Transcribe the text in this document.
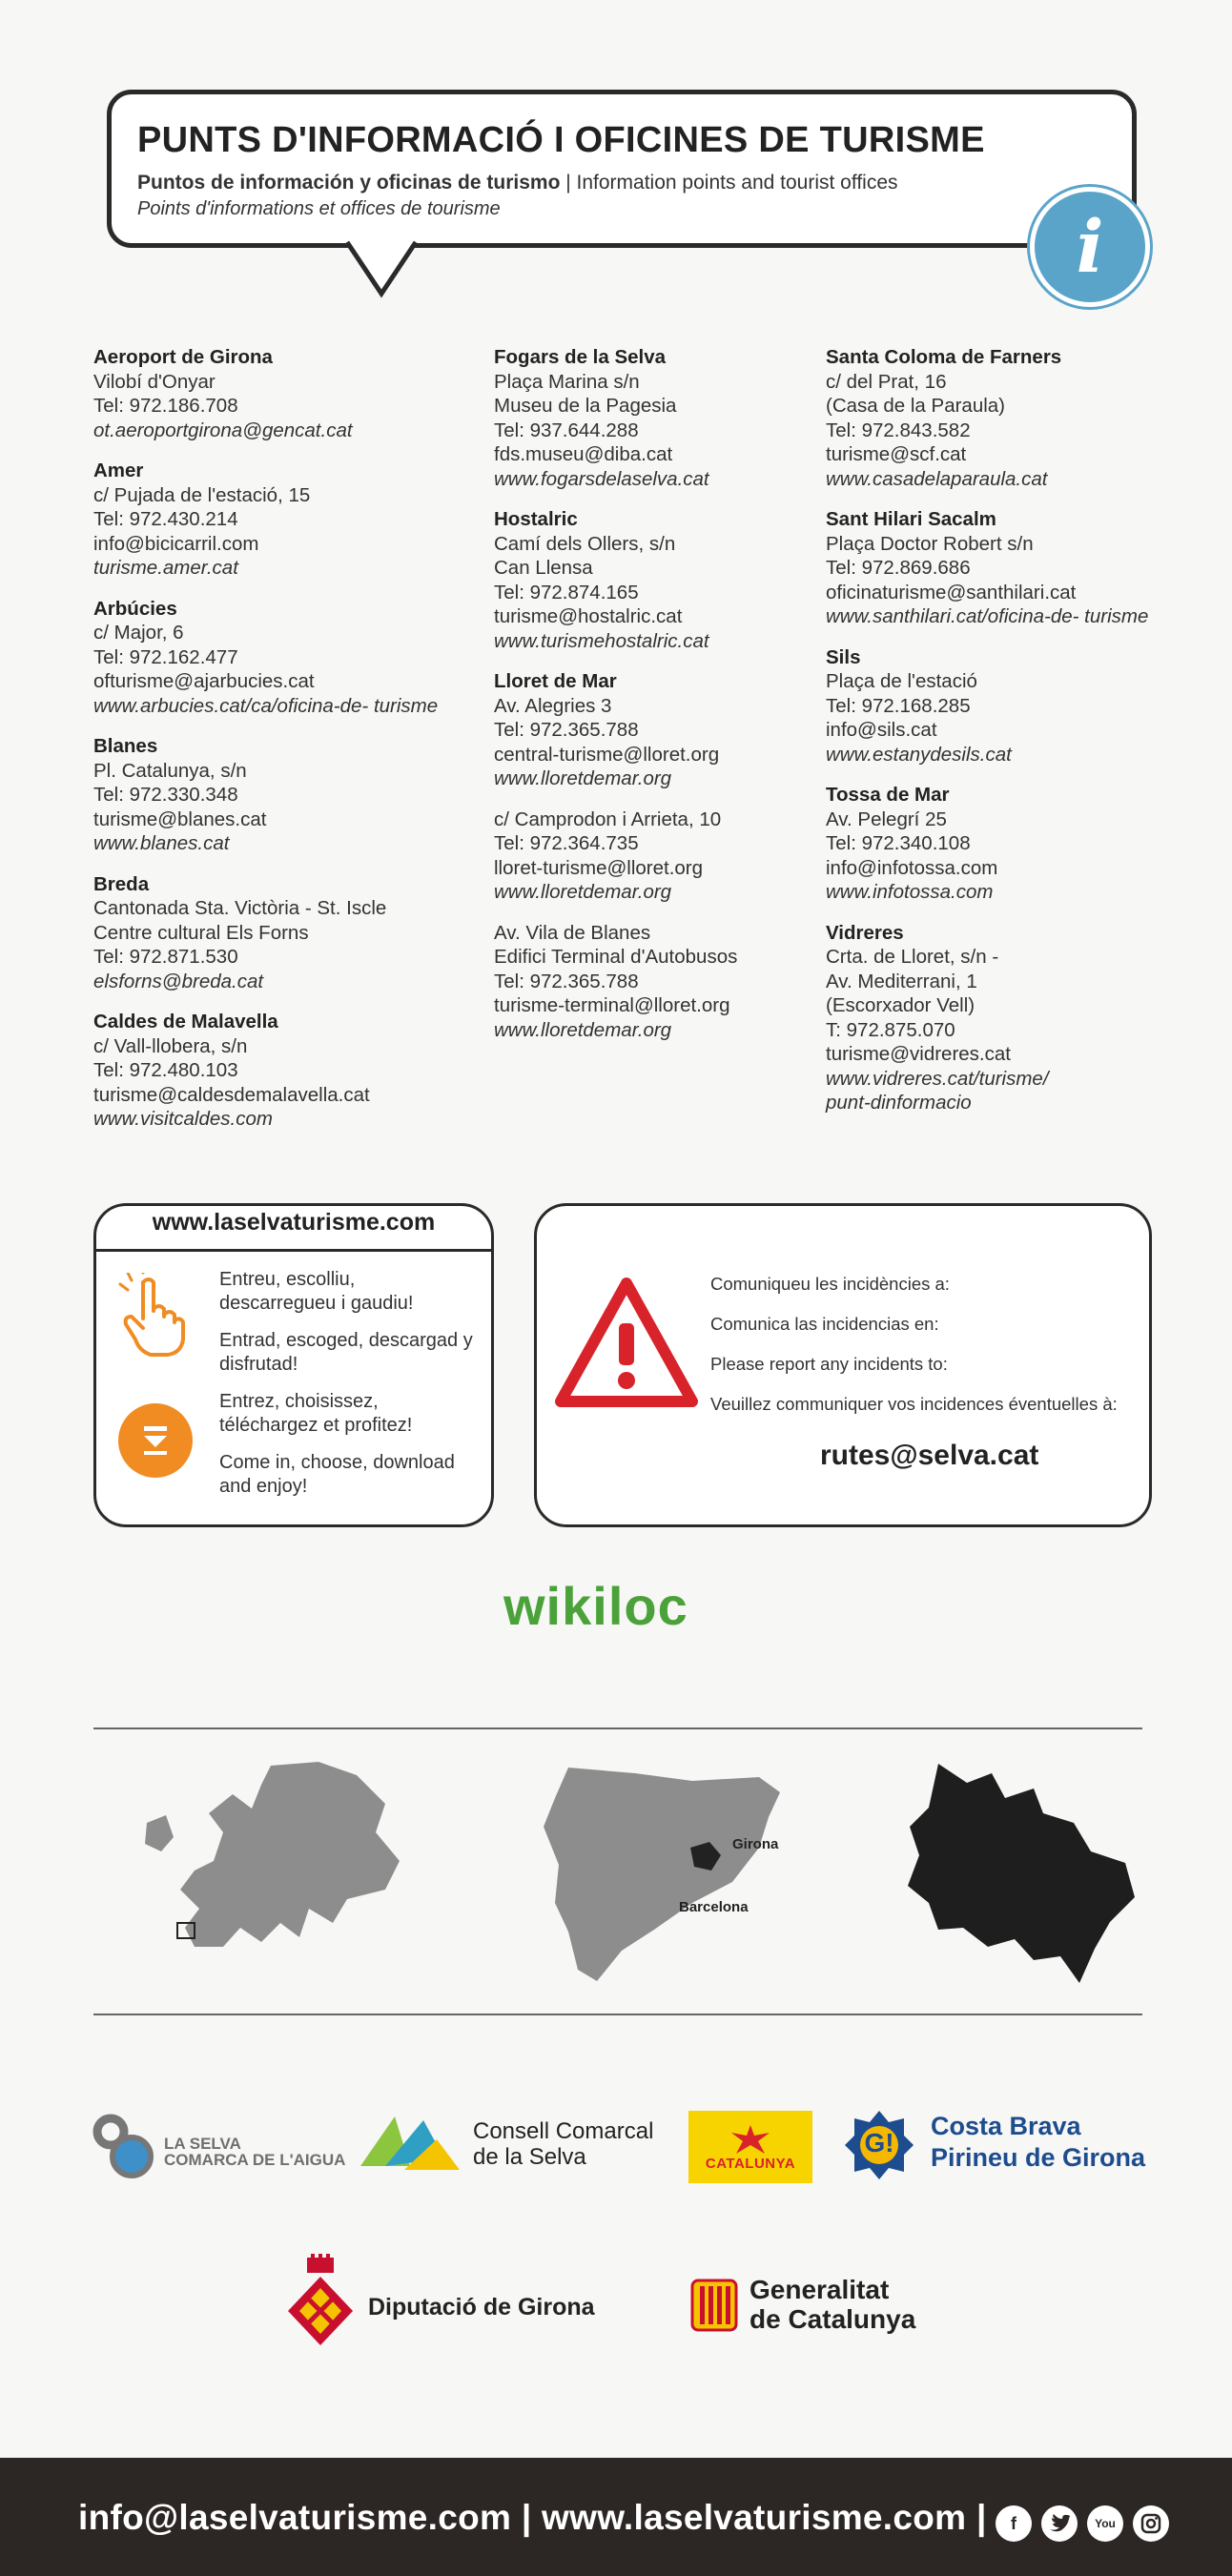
PUNTS D'INFORMACIÓ I OFICINES DE TURISME
Puntos de información y oficinas de turismo | Information points and tourist offices
Points d'informations et offices de tourisme	i
Aeroport de Girona
Vilobí d'Onyar
Tel: 972.186.708
ot.aeroportgirona@gencat.cat
Amer
c/ Pujada de l'estació, 15
Tel: 972.430.214
info@bicicarril.com
turisme.amer.cat
Arbúcies
c/ Major, 6
Tel: 972.162.477
ofturisme@ajarbucies.cat
www.arbucies.cat/ca/oficina-de- turisme
Blanes
Pl. Catalunya, s/n
Tel: 972.330.348
turisme@blanes.cat
www.blanes.cat
Breda
Cantonada Sta. Victòria - St. Iscle
Centre cultural Els Forns
Tel: 972.871.530
elsforns@breda.cat
Caldes de Malavella
c/ Vall-llobera, s/n
Tel: 972.480.103
turisme@caldesdemalavella.cat
www.visitcaldes.com
Fogars de la Selva
Plaça Marina s/n
Museu de la Pagesia
Tel: 937.644.288
fds.museu@diba.cat
www.fogarsdelaselva.cat
Hostalric
Camí dels Ollers, s/n
Can Llensa
Tel: 972.874.165
turisme@hostalric.cat
www.turismehostalric.cat
Lloret de Mar
Av. Alegries 3
Tel: 972.365.788
central-turisme@lloret.org
www.lloretdemar.org
c/ Camprodon i Arrieta, 10
Tel: 972.364.735
lloret-turisme@lloret.org
www.lloretdemar.org
Av. Vila de Blanes
Edifici Terminal d'Autobusos
Tel: 972.365.788
turisme-terminal@lloret.org
www.lloretdemar.org
Santa Coloma de Farners
c/ del Prat, 16
(Casa de la Paraula)
Tel: 972.843.582
turisme@scf.cat
www.casadelaparaula.cat
Sant Hilari Sacalm
Plaça Doctor Robert s/n
Tel: 972.869.686
oficinaturisme@santhilari.cat
www.santhilari.cat/oficina-de- turisme
Sils
Plaça de l'estació
Tel: 972.168.285
info@sils.cat
www.estanydesils.cat
Tossa de Mar
Av. Pelegrí 25
Tel: 972.340.108
info@infotossa.com
www.infotossa.com
Vidreres
Crta. de Lloret, s/n -
Av. Mediterrani, 1
(Escorxador Vell)
T: 972.875.070
turisme@vidreres.cat
www.vidreres.cat/turisme/
punt-dinformacio
www.laselvaturisme.com
Entreu, escolliu, descarregueu i gaudiu!
Entrad, escoged, descargad y disfrutad!
Entrez, choisissez, téléchargez et profitez!
Come in, choose, download and enjoy!
Comuniqueu les incidències a:
Comunica las incidencias en:
Please report any incidents to:
Veuillez communiquer vos incidences éventuelles à:
rutes@selva.cat
wikiloc
Girona
Barcelona
LA SELVA
COMARCA DE L'AIGUA
Consell Comarcal
de la Selva	CATALUNYA
G!
Costa Brava
Pirineu de Girona
Diputació de Girona
Generalitat
de Catalunya
info@laselvaturisme.com | www.laselvaturisme.com |	f	You
